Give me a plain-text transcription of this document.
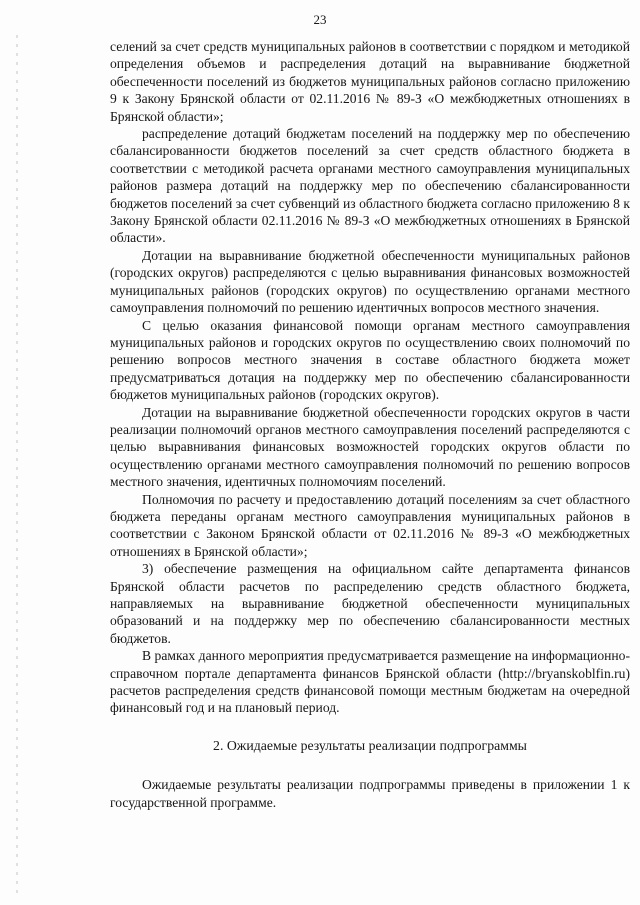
23

селений за счет средств муниципальных районов в соответствии с порядком и методикой определения объемов и распределения дотаций на выравнивание бюджетной обеспеченности поселений из бюджетов муниципальных районов согласно приложению 9 к Закону Брянской области от 02.11.2016 № 89-З «О межбюджетных отношениях в Брянской области»;

распределение дотаций бюджетам поселений на поддержку мер по обеспечению сбалансированности бюджетов поселений за счет средств областного бюджета в соответствии с методикой расчета органами местного самоуправления муниципальных районов размера дотаций на поддержку мер по обеспечению сбалансированности бюджетов поселений за счет субвенций из областного бюджета согласно приложению 8 к Закону Брянской области 02.11.2016 № 89-З «О межбюджетных отношениях в Брянской области».

Дотации на выравнивание бюджетной обеспеченности муниципальных районов (городских округов) распределяются с целью выравнивания финансовых возможностей муниципальных районов (городских округов) по осуществлению органами местного самоуправления полномочий по решению идентичных вопросов местного значения.

С целью оказания финансовой помощи органам местного самоуправления муниципальных районов и городских округов по осуществлению своих полномочий по решению вопросов местного значения в составе областного бюджета может предусматриваться дотация на поддержку мер по обеспечению сбалансированности бюджетов муниципальных районов (городских округов).

Дотации на выравнивание бюджетной обеспеченности городских округов в части реализации полномочий органов местного самоуправления поселений распределяются с целью выравнивания финансовых возможностей городских округов области по осуществлению органами местного самоуправления полномочий по решению вопросов местного значения, идентичных полномочиям поселений.

Полномочия по расчету и предоставлению дотаций поселениям за счет областного бюджета переданы органам местного самоуправления муниципальных районов в соответствии с Законом Брянской области от 02.11.2016 № 89-З «О межбюджетных отношениях в Брянской области»;

3) обеспечение размещения на официальном сайте департамента финансов Брянской области расчетов по распределению средств областного бюджета, направляемых на выравнивание бюджетной обеспеченности муниципальных образований и на поддержку мер по обеспечению сбалансированности местных бюджетов.

В рамках данного мероприятия предусматривается размещение на информационно-справочном портале департамента финансов Брянской области (http://bryanskoblfin.ru) расчетов распределения средств финансовой помощи местным бюджетам на очередной финансовый год и на плановый период.

2. Ожидаемые результаты реализации подпрограммы

Ожидаемые результаты реализации подпрограммы приведены в приложении 1 к государственной программе.
